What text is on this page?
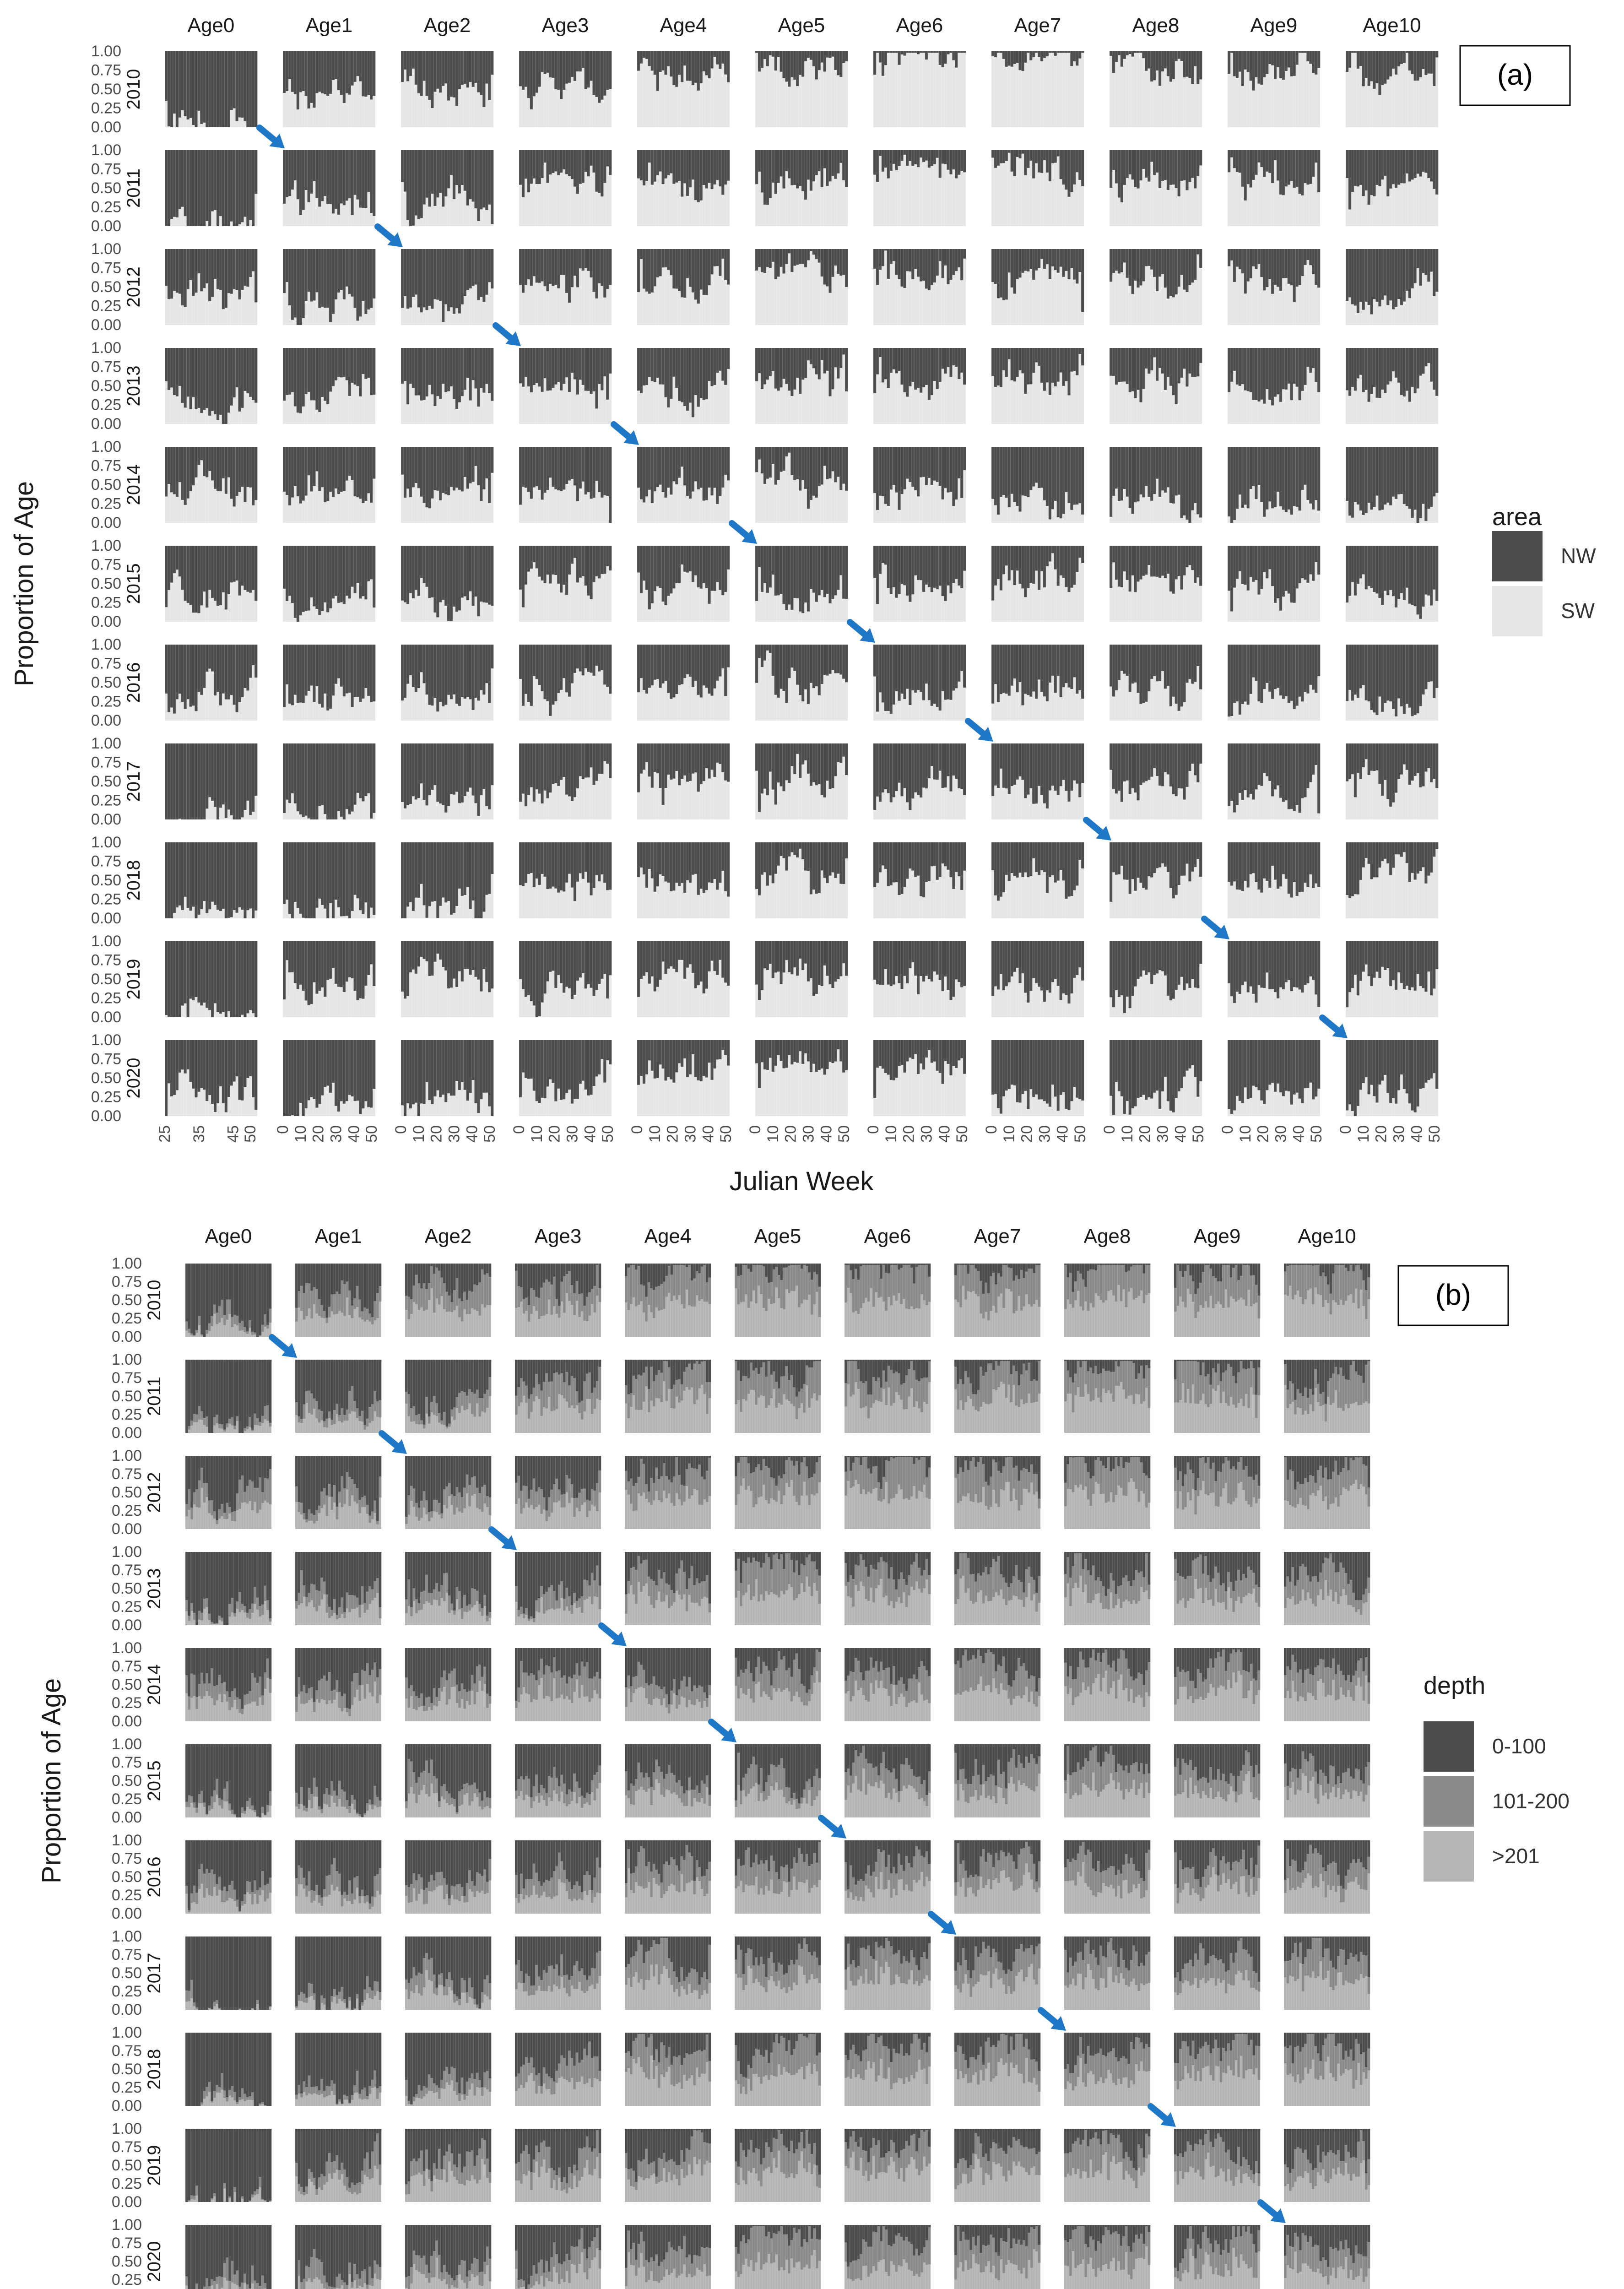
Age0	Age1	Age2	Age3	Age4	Age5	Age6	Age7	Age8	Age9	Age10
2010
1.00
0.75
0.50
0.25
0.00
2011
1.00
0.75
0.50
0.25
0.00
2012
1.00
0.75
0.50
0.25
0.00
2013
1.00
0.75
0.50
0.25
0.00
2014
1.00
0.75
0.50
0.25
0.00
2015
1.00
0.75
0.50
0.25
0.00
2016
1.00
0.75
0.50
0.25
0.00
2017
1.00
0.75
0.50
0.25
0.00
2018
1.00
0.75
0.50
0.25
0.00
2019
1.00
0.75
0.50
0.25
0.00
2020
1.00
0.75
0.50
0.25
0.00
25 35 45 50 0 10 20 30 40 50 0 10 20 30 40 50 0 10 20 30 40 50 0 10 20 30 40 50 0 10 20 30 40 50 0 10 20 30 40 50 0 10 20 30 40 50 0 10 20 30 40 50 0 10 20 30 40 50 0 10 20 30 40 50
Julian Week
Proportion of Age
(a)
area
NW
SW
Age0	Age1	Age2	Age3	Age4	Age5	Age6	Age7	Age8	Age9	Age10
2010
1.00
0.75
0.50
0.25
0.00
2011
1.00
0.75
0.50
0.25
0.00
2012
1.00
0.75
0.50
0.25
0.00
2013
1.00
0.75
0.50
0.25
0.00
2014
1.00
0.75
0.50
0.25
0.00
2015
1.00
0.75
0.50
0.25
0.00
2016
1.00
0.75
0.50
0.25
0.00
2017
1.00
0.75
0.50
0.25
0.00
2018
1.00
0.75
0.50
0.25
0.00
2019
1.00
0.75
0.50
0.25
0.00
2020
1.00
0.75
0.50
0.25
Proportion of Age
(b)
depth
0-100
101-200
>201
